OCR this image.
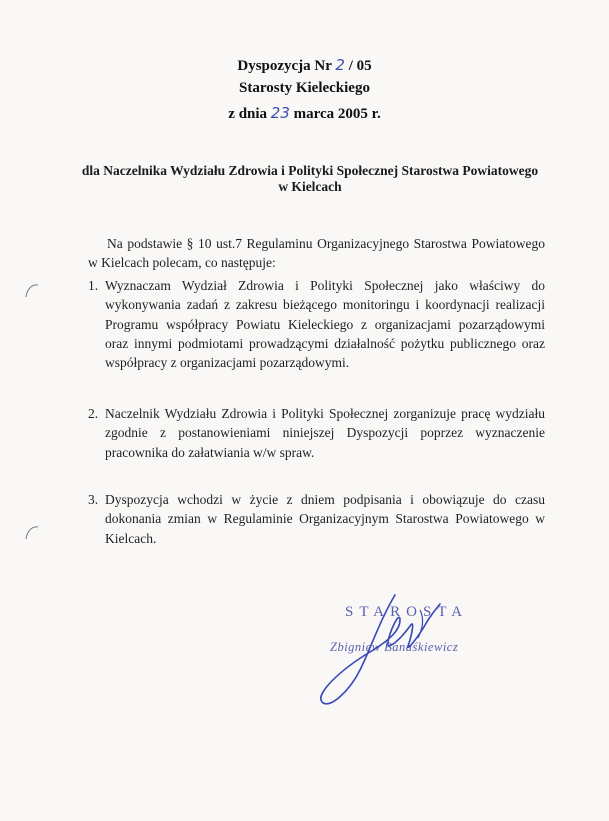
Dyspozycja Nr 2 / 05
Starosty Kieleckiego
z dnia 23 marca 2005 r.
dla Naczelnika Wydziału Zdrowia i Polityki Społecznej Starostwa Powiatowego
w Kielcach
Na podstawie § 10 ust.7 Regulaminu Organizacyjnego Starostwa Powiatowego
w Kielcach polecam, co następuje:
1. Wyznaczam Wydział Zdrowia i Polityki Społecznej jako właściwy do wykonywania zadań z zakresu bieżącego monitoringu i koordynacji realizacji Programu współpracy Powiatu Kieleckiego z organizacjami pozarządowymi oraz innymi podmiotami prowadzącymi działalność pożytku publicznego oraz współpracy z organizacjami pozarządowymi.
2. Naczelnik Wydziału Zdrowia i Polityki Społecznej zorganizuje pracę wydziału zgodnie z postanowieniami niniejszej Dyspozycji poprzez wyznaczenie pracownika do załatwiania w/w spraw.
3. Dyspozycja wchodzi w życie z dniem podpisania i obowiązuje do czasu dokonania zmian w Regulaminie Organizacyjnym Starostwa Powiatowego w Kielcach.
STAROSTA
Zbigniew Banaśkiewicz
